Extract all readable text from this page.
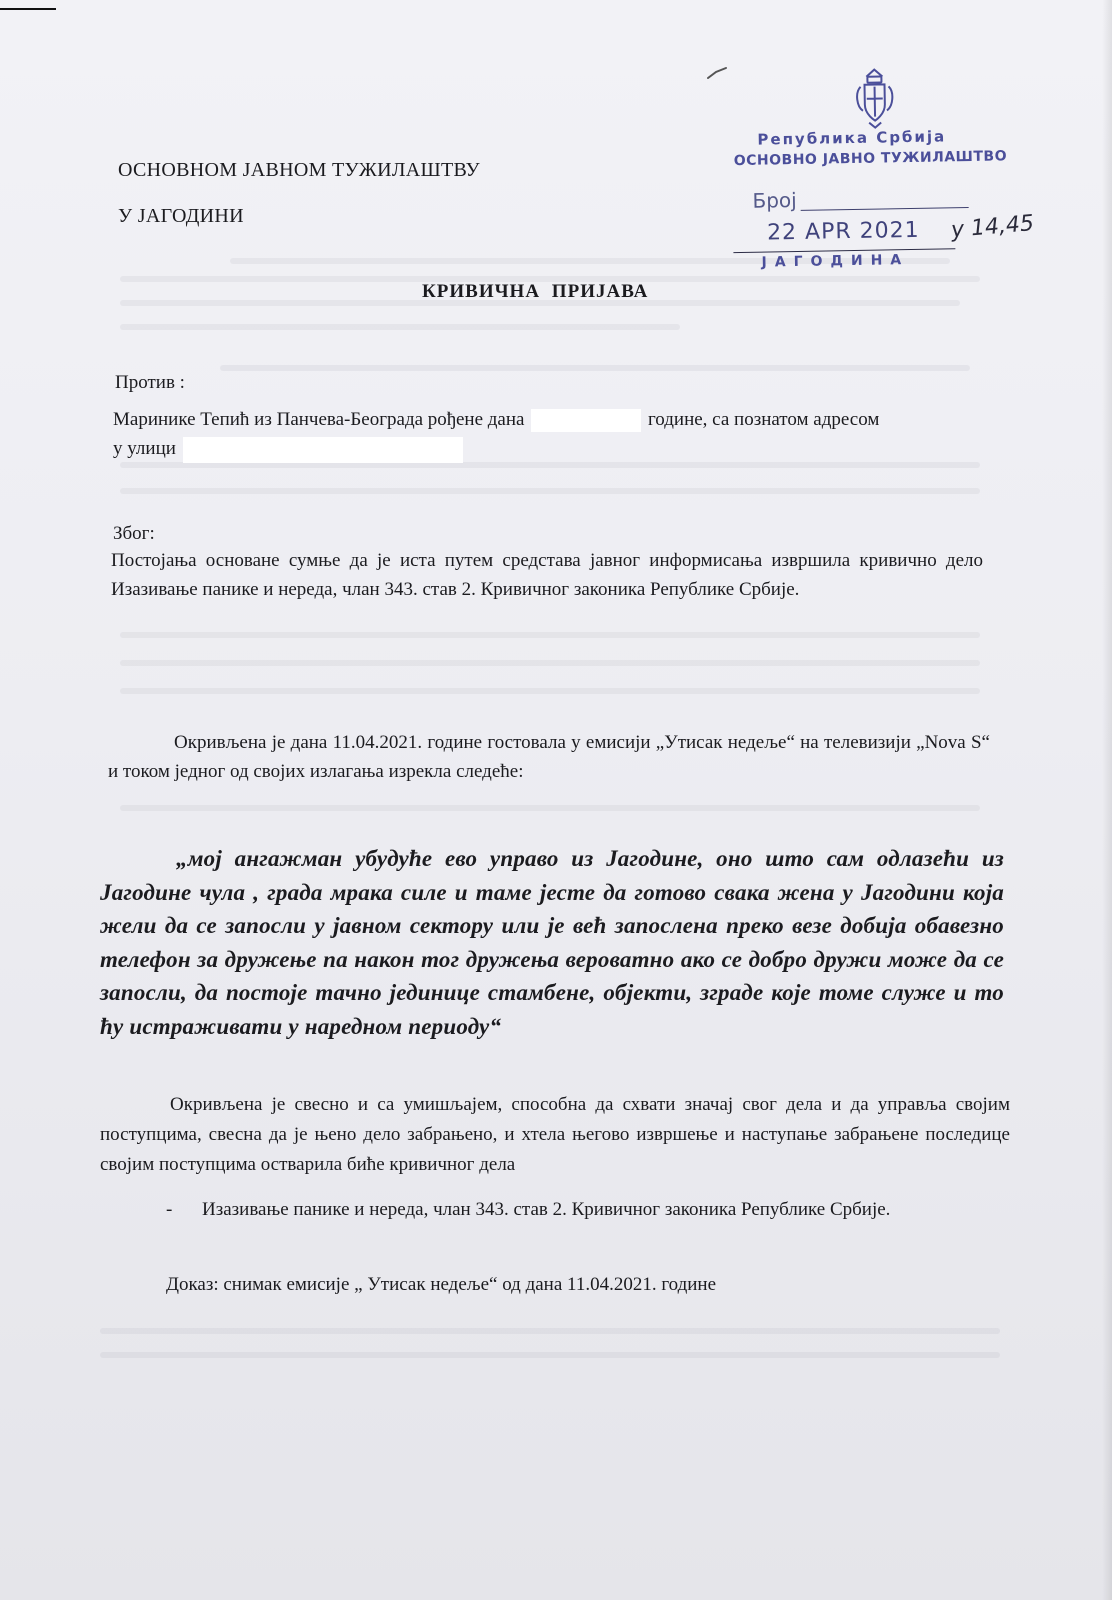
ОСНОВНОМ ЈАВНОМ ТУЖИЛАШТВУ
У ЈАГОДИНИ
Република Србија
ОСНОВНО ЈАВНО ТУЖИЛАШТВО
Број
22 APR 2021 у 14,45
ЈАГОДИНА
КРИВИЧНА ПРИЈАВА
Против :
Маринике Тепић из Панчева-Београда рођене дана	године, са познатом адресом
у улици
Због:
Постојања основане сумње да је иста путем средстава јавног информисања извршила кривично дело Изазивање панике и нереда, члан 343. став 2. Кривичног законика Републике Србије.
Окривљена је дана 11.04.2021. године гостовала у емисији „Утисак недеље“ на телевизији „Nova S“ и током једног од својих излагања изрекла следеће:
„мој ангажман убудуће ево управо из Јагодине, оно што сам одлазећи из Јагодине чула , града мрака силе и таме јесте да готово свака жена у Јагодини која жели да се запосли у јавном сектору или је већ запослена преко везе добија обавезно телефон за дружење па након тог дружења вероватно ако се добро дружи може да се запосли, да постоје тачно јединице стамбене, објекти, зграде које томе служе и то ћу истраживати у наредном периоду“
Окривљена је свесно и са умишљајем, способна да схвати значај свог дела и да управља својим поступцима, свесна да је њено дело забрањено, и хтела његово извршење и наступање забрањене последице својим поступцима остварила биће кривичног дела
-	Изазивање панике и нереда, члан 343. став 2. Кривичног законика Републике Србије.
Доказ: снимак емисије „ Утисак недеље“ од дана 11.04.2021. године
